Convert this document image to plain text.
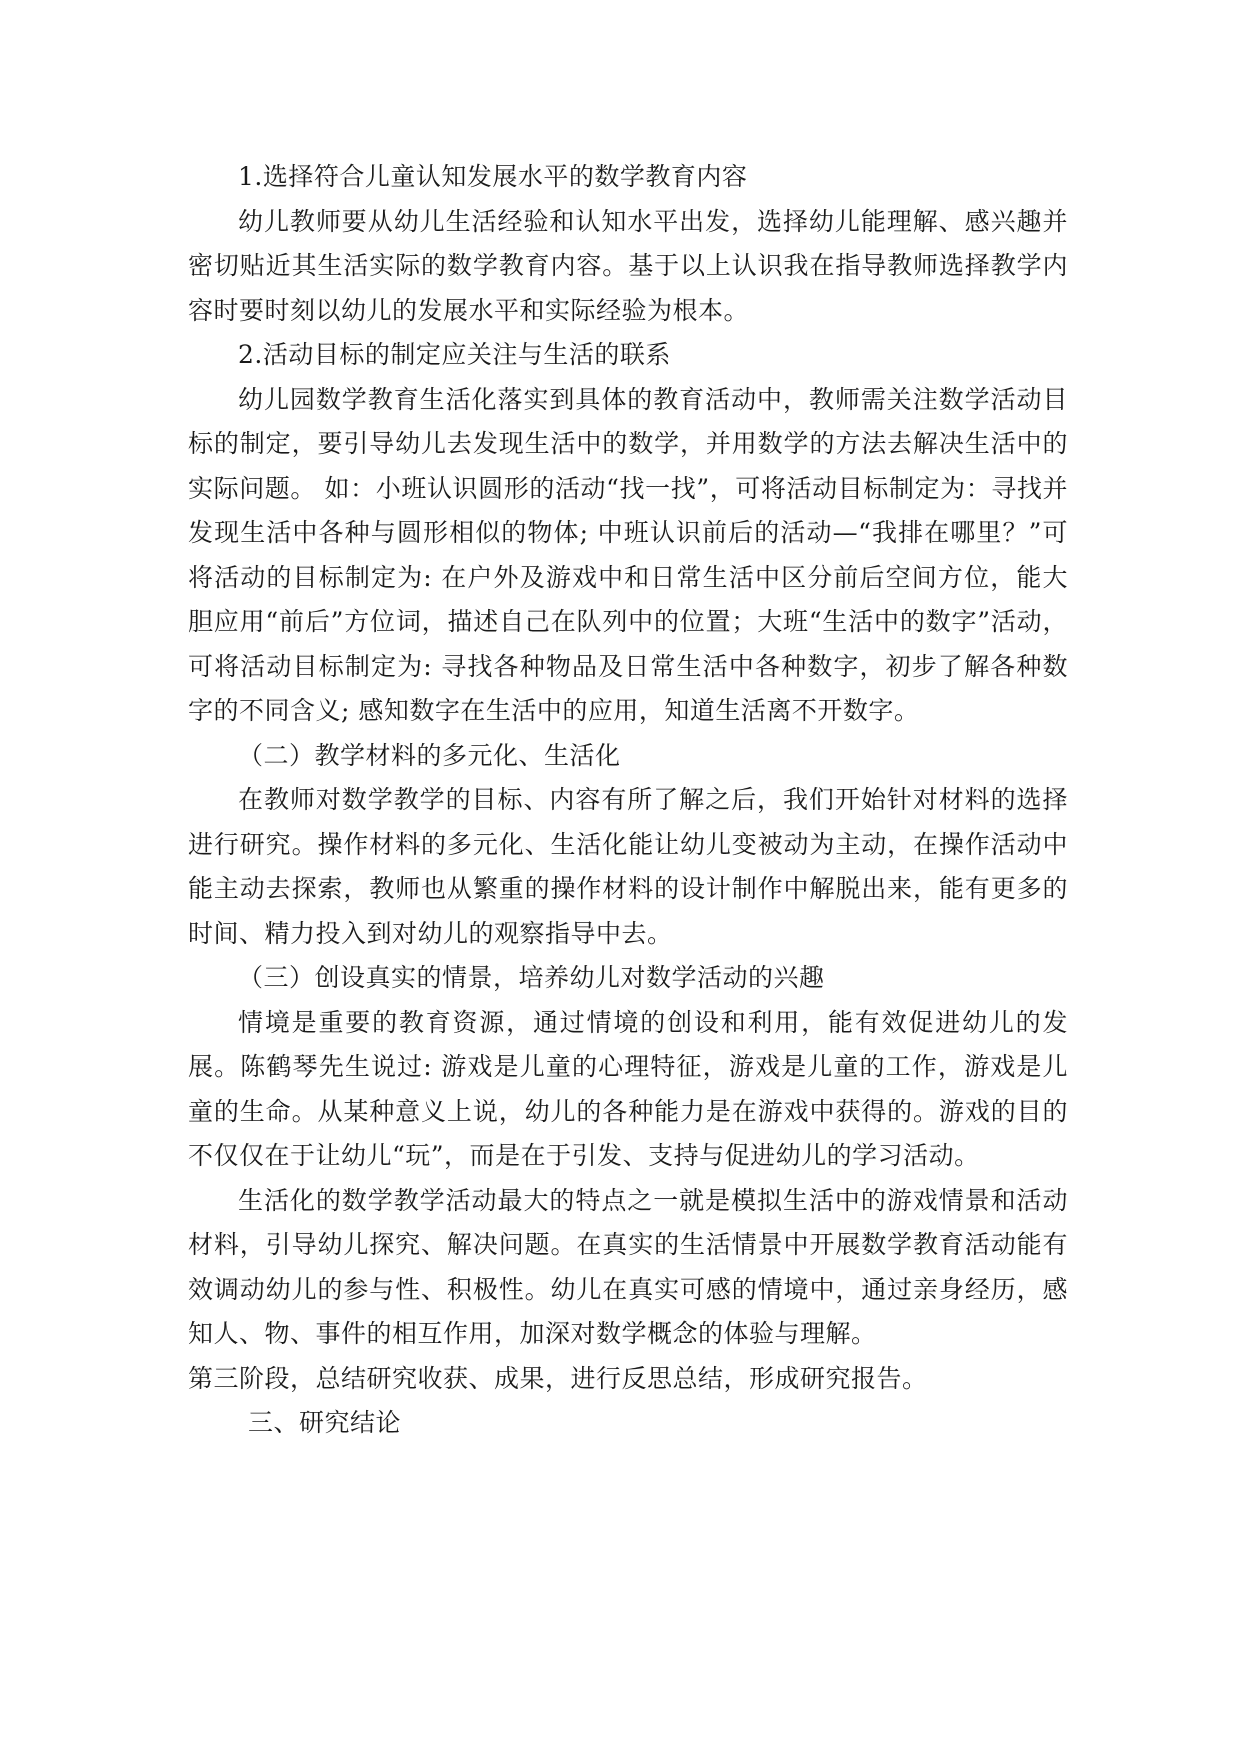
1.选择符合儿童认知发展水平的数学教育内容

幼儿教师要从幼儿生活经验和认知水平出发，选择幼儿能理解、感兴趣并密切贴近其生活实际的数学教育内容。基于以上认识我在指导教师选择教学内容时要时刻以幼儿的发展水平和实际经验为根本。

2.活动目标的制定应关注与生活的联系

幼儿园数学教育生活化落实到具体的教育活动中，教师需关注数学活动目标的制定，要引导幼儿去发现生活中的数学，并用数学的方法去解决生活中的实际问题。 如：小班认识圆形的活动“找一找”，可将活动目标制定为：寻找并发现生活中各种与圆形相似的物体; 中班认识前后的活动—“我排在哪里？”可将活动的目标制定为: 在户外及游戏中和日常生活中区分前后空间方位，能大胆应用“前后”方位词，描述自己在队列中的位置；大班“生活中的数字”活动，可将活动目标制定为: 寻找各种物品及日常生活中各种数字，初步了解各种数字的不同含义; 感知数字在生活中的应用，知道生活离不开数字。

（二）教学材料的多元化、生活化

在教师对数学教学的目标、内容有所了解之后，我们开始针对材料的选择进行研究。操作材料的多元化、生活化能让幼儿变被动为主动，在操作活动中能主动去探索，教师也从繁重的操作材料的设计制作中解脱出来，能有更多的时间、精力投入到对幼儿的观察指导中去。

（三）创设真实的情景，培养幼儿对数学活动的兴趣

情境是重要的教育资源，通过情境的创设和利用，能有效促进幼儿的发展。陈鹤琴先生说过: 游戏是儿童的心理特征，游戏是儿童的工作，游戏是儿童的生命。从某种意义上说，幼儿的各种能力是在游戏中获得的。游戏的目的不仅仅在于让幼儿“玩”，而是在于引发、支持与促进幼儿的学习活动。

生活化的数学教学活动最大的特点之一就是模拟生活中的游戏情景和活动材料，引导幼儿探究、解决问题。在真实的生活情景中开展数学教育活动能有效调动幼儿的参与性、积极性。幼儿在真实可感的情境中，通过亲身经历，感知人、物、事件的相互作用，加深对数学概念的体验与理解。

第三阶段，总结研究收获、成果，进行反思总结，形成研究报告。

三、研究结论
